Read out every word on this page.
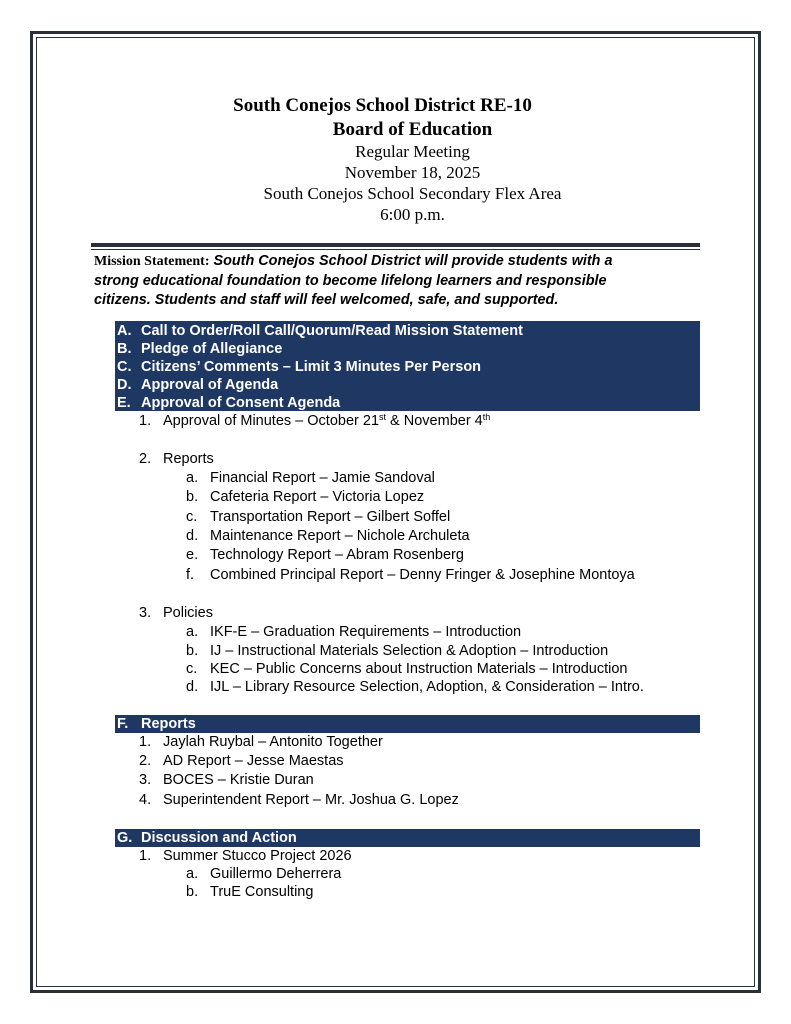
South Conejos School District RE-10
Board of Education
Regular Meeting
November 18, 2025
South Conejos School Secondary Flex Area
6:00 p.m.
Mission Statement: South Conejos School District will provide students with a
strong educational foundation to become lifelong learners and responsible
citizens. Students and staff will feel welcomed, safe, and supported.
A. Call to Order/Roll Call/Quorum/Read Mission Statement
B. Pledge of Allegiance
C. Citizens’ Comments – Limit 3 Minutes Per Person
D. Approval of Agenda
E. Approval of Consent Agenda
1. Approval of Minutes – October 21st & November 4th
2. Reports
a. Financial Report – Jamie Sandoval
b. Cafeteria Report – Victoria Lopez
c. Transportation Report – Gilbert Soffel
d. Maintenance Report – Nichole Archuleta
e. Technology Report – Abram Rosenberg
f. Combined Principal Report – Denny Fringer & Josephine Montoya
3. Policies
a. IKF-E – Graduation Requirements – Introduction
b. IJ – Instructional Materials Selection & Adoption – Introduction
c. KEC – Public Concerns about Instruction Materials – Introduction
d. IJL – Library Resource Selection, Adoption, & Consideration – Intro.
F. Reports
1. Jaylah Ruybal – Antonito Together
2. AD Report – Jesse Maestas
3. BOCES – Kristie Duran
4. Superintendent Report – Mr. Joshua G. Lopez
G. Discussion and Action
1. Summer Stucco Project 2026
a. Guillermo Deherrera
b. TruE Consulting
